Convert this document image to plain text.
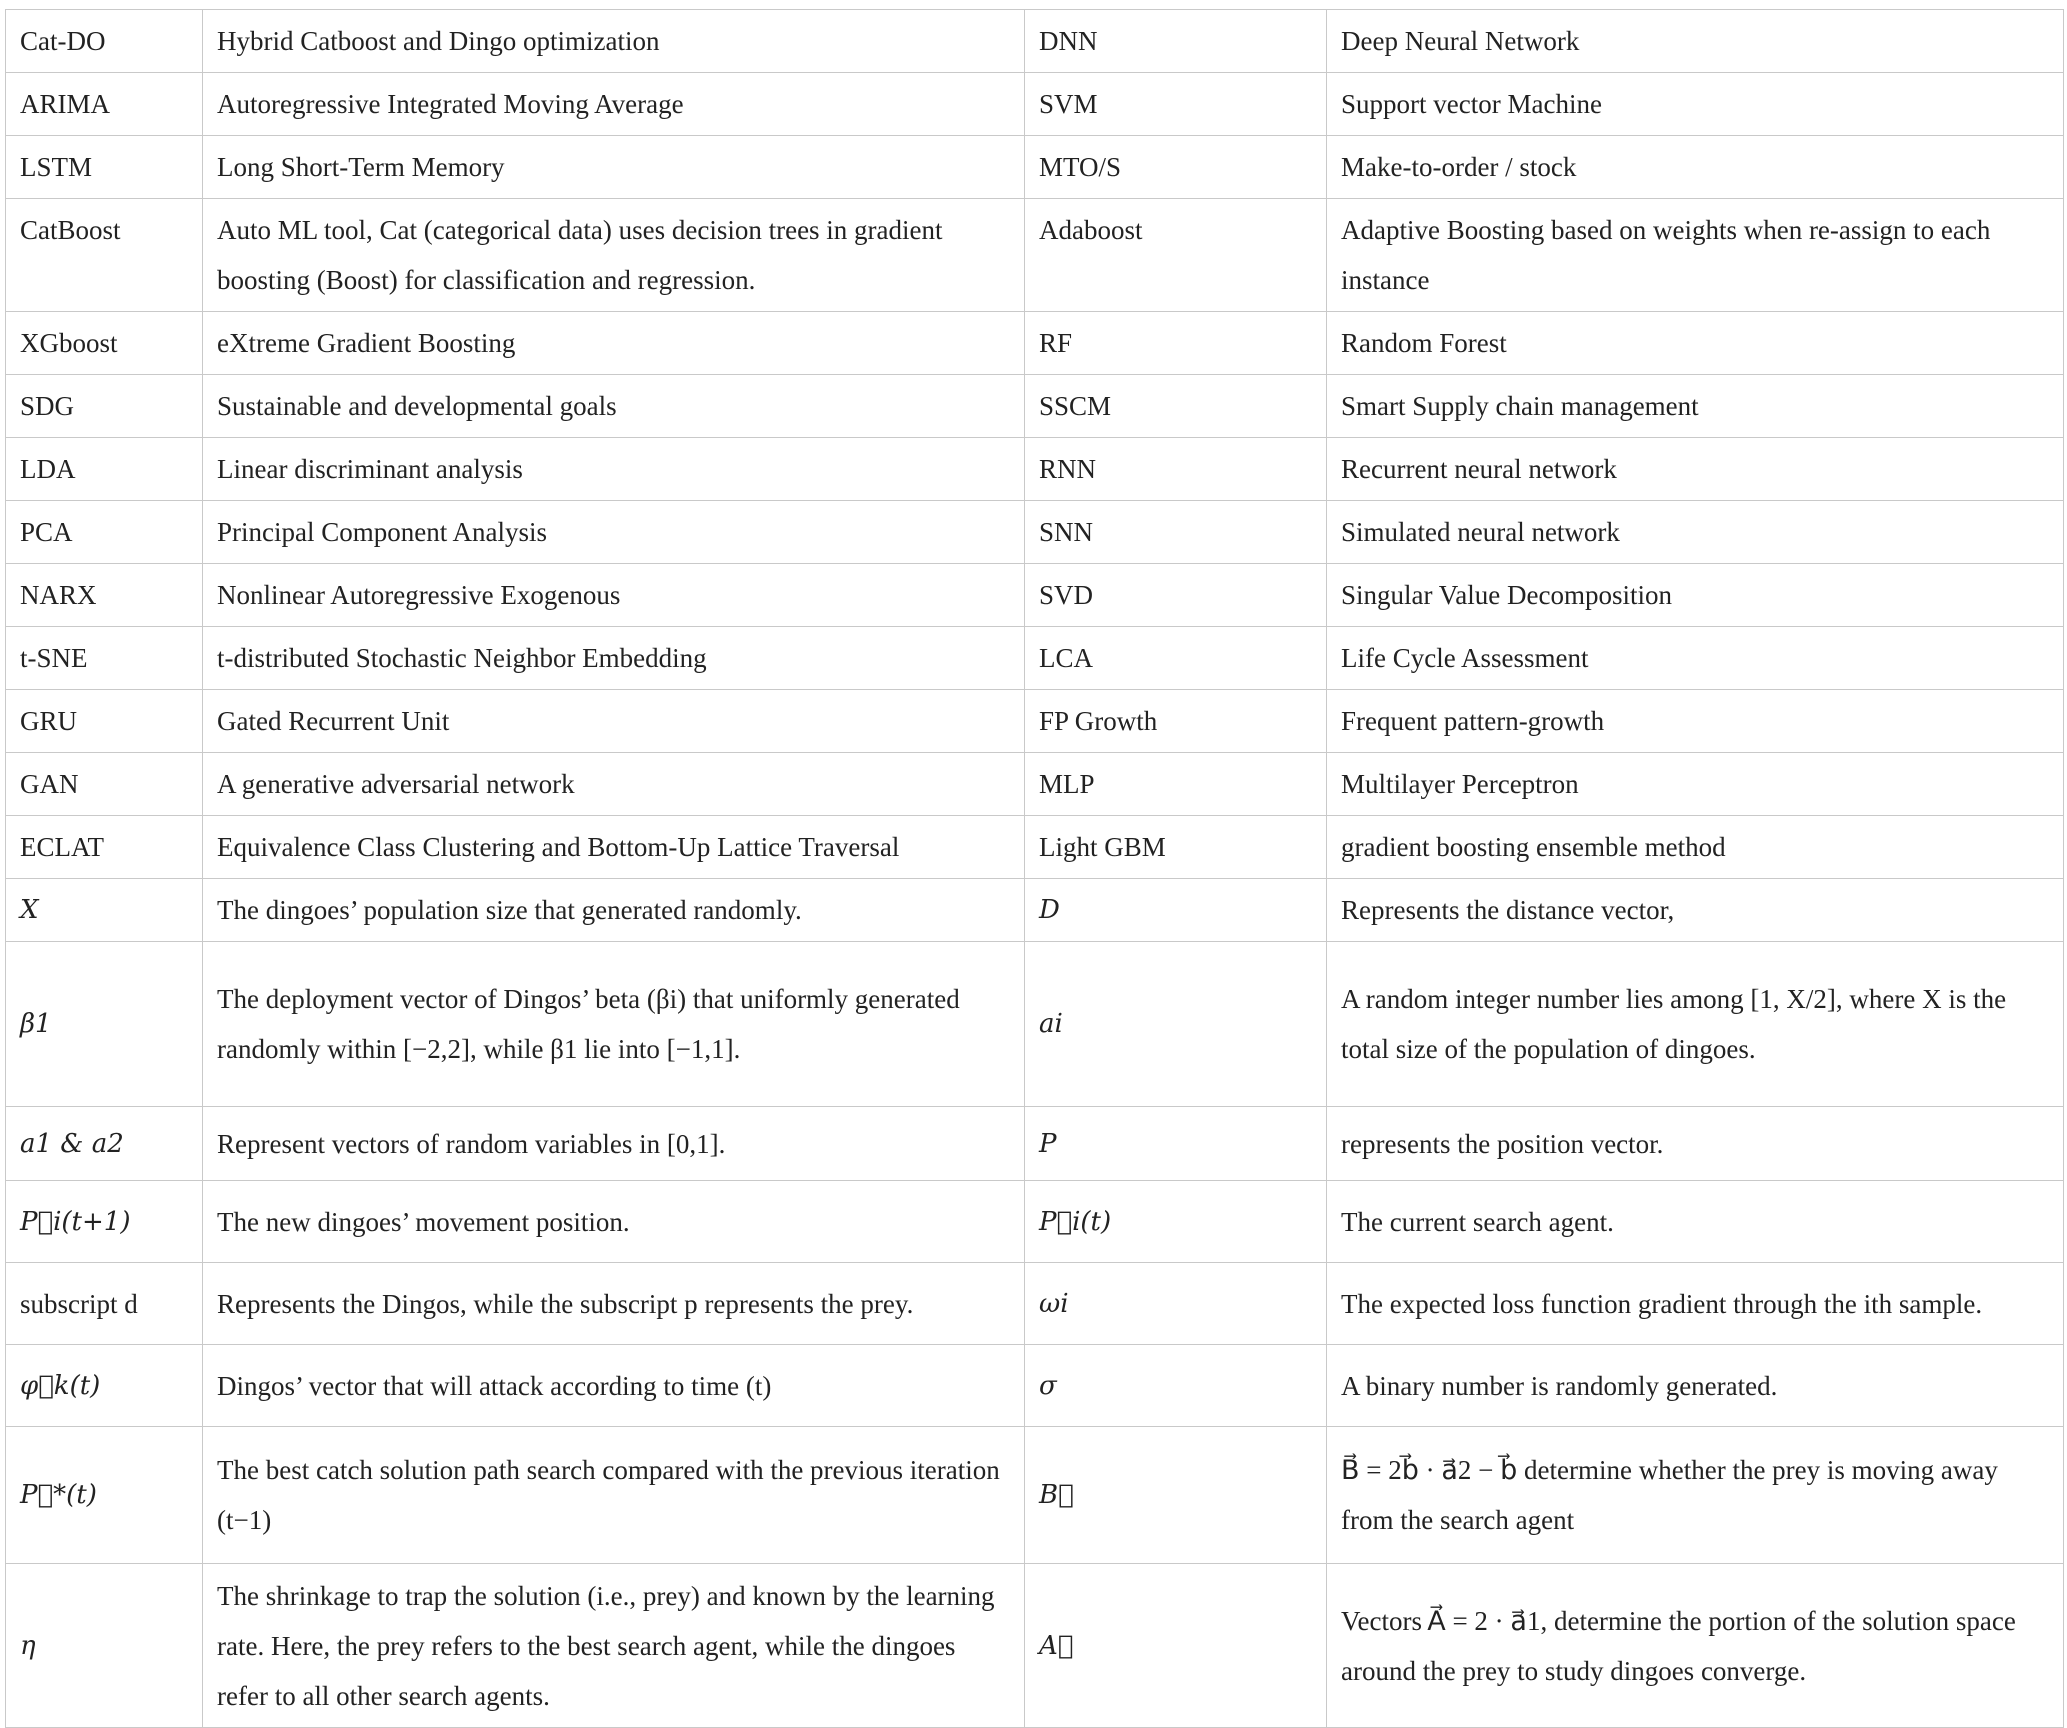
Cat-DO	Hybrid Catboost and Dingo optimization	DNN	Deep Neural Network
ARIMA	Autoregressive Integrated Moving Average	SVM	Support vector Machine
LSTM	Long Short-Term Memory	MTO/S	Make-to-order / stock
CatBoost	Auto ML tool, Cat (categorical data) uses decision trees in gradient boosting (Boost) for classification and regression.	Adaboost	Adaptive Boosting based on weights when re-assign to each instance
XGboost	eXtreme Gradient Boosting	RF	Random Forest
SDG	Sustainable and developmental goals	SSCM	Smart Supply chain management
LDA	Linear discriminant analysis	RNN	Recurrent neural network
PCA	Principal Component Analysis	SNN	Simulated neural network
NARX	Nonlinear Autoregressive Exogenous	SVD	Singular Value Decomposition
t-SNE	t-distributed Stochastic Neighbor Embedding	LCA	Life Cycle Assessment
GRU	Gated Recurrent Unit	FP Growth	Frequent pattern-growth
GAN	A generative adversarial network	MLP	Multilayer Perceptron
ECLAT	Equivalence Class Clustering and Bottom-Up Lattice Traversal	Light GBM	gradient boosting ensemble method
X	The dingoes’ population size that generated randomly.	D	Represents the distance vector,
β1	The deployment vector of Dingos’ beta (βi) that uniformly generated randomly within [−2,2], while β1 lie into [−1,1].	ai	A random integer number lies among [1, X/2], where X is the total size of the population of dingoes.
a1 & a2	Represent vectors of random variables in [0,1].	P	represents the position vector.
P⃗i(t+1)	The new dingoes’ movement position.	P⃗i(t)	The current search agent.
subscript d	Represents the Dingos, while the subscript p represents the prey.	ωi	The expected loss function gradient through the ith sample.
φ⃗k(t)	Dingos’ vector that will attack according to time (t)	σ	A binary number is randomly generated.
P⃗*(t)	The best catch solution path search compared with the previous iteration (t−1)	B⃗	B⃗ = 2b⃗ · a⃗2 − b⃗ determine whether the prey is moving away from the search agent
η	The shrinkage to trap the solution (i.e., prey) and known by the learning rate. Here, the prey refers to the best search agent, while the dingoes refer to all other search agents.	A⃗	Vectors A⃗ = 2 · a⃗1, determine the portion of the solution space around the prey to study dingoes converge.
